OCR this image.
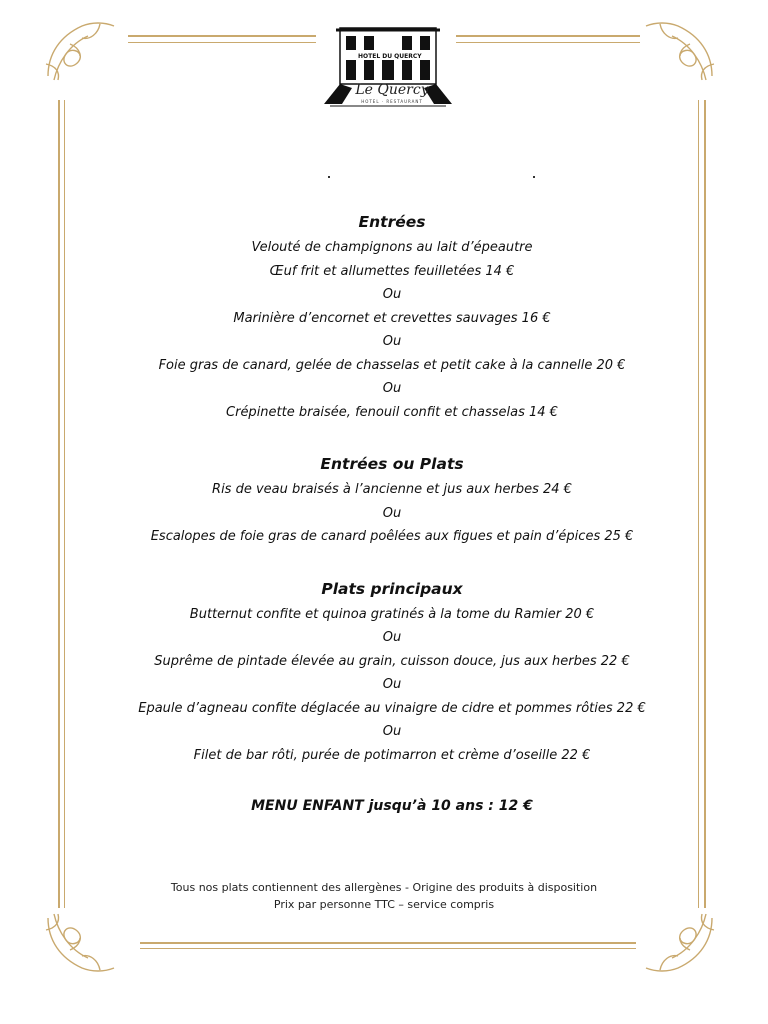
HOTEL DU QUERCY
Le Quercy
HOTEL · RESTAURANT
Entrées
Velouté de champignons au lait d’épeautre
Œuf frit et allumettes feuilletées 14 €
Ou
Marinière d’encornet et crevettes sauvages 16 €
Ou
Foie gras de canard, gelée de chasselas et petit cake à la cannelle 20 €
Ou
Crépinette braisée, fenouil confit et chasselas 14 €
Entrées ou Plats
Ris de veau braisés à l’ancienne et jus aux herbes 24 €
Ou
Escalopes de foie gras de canard poêlées aux figues et pain d’épices 25 €
Plats principaux
Butternut confite et quinoa gratinés à la tome du Ramier 20 €
Ou
Suprême de pintade élevée au grain, cuisson douce, jus aux herbes 22 €
Ou
Epaule d’agneau confite déglacée au vinaigre de cidre et pommes rôties 22 €
Ou
Filet de bar rôti, purée de potimarron et crème d’oseille 22 €
MENU ENFANT jusqu’à 10 ans : 12 €
Tous nos plats contiennent des allergènes - Origine des produits à disposition
Prix par personne TTC – service compris
